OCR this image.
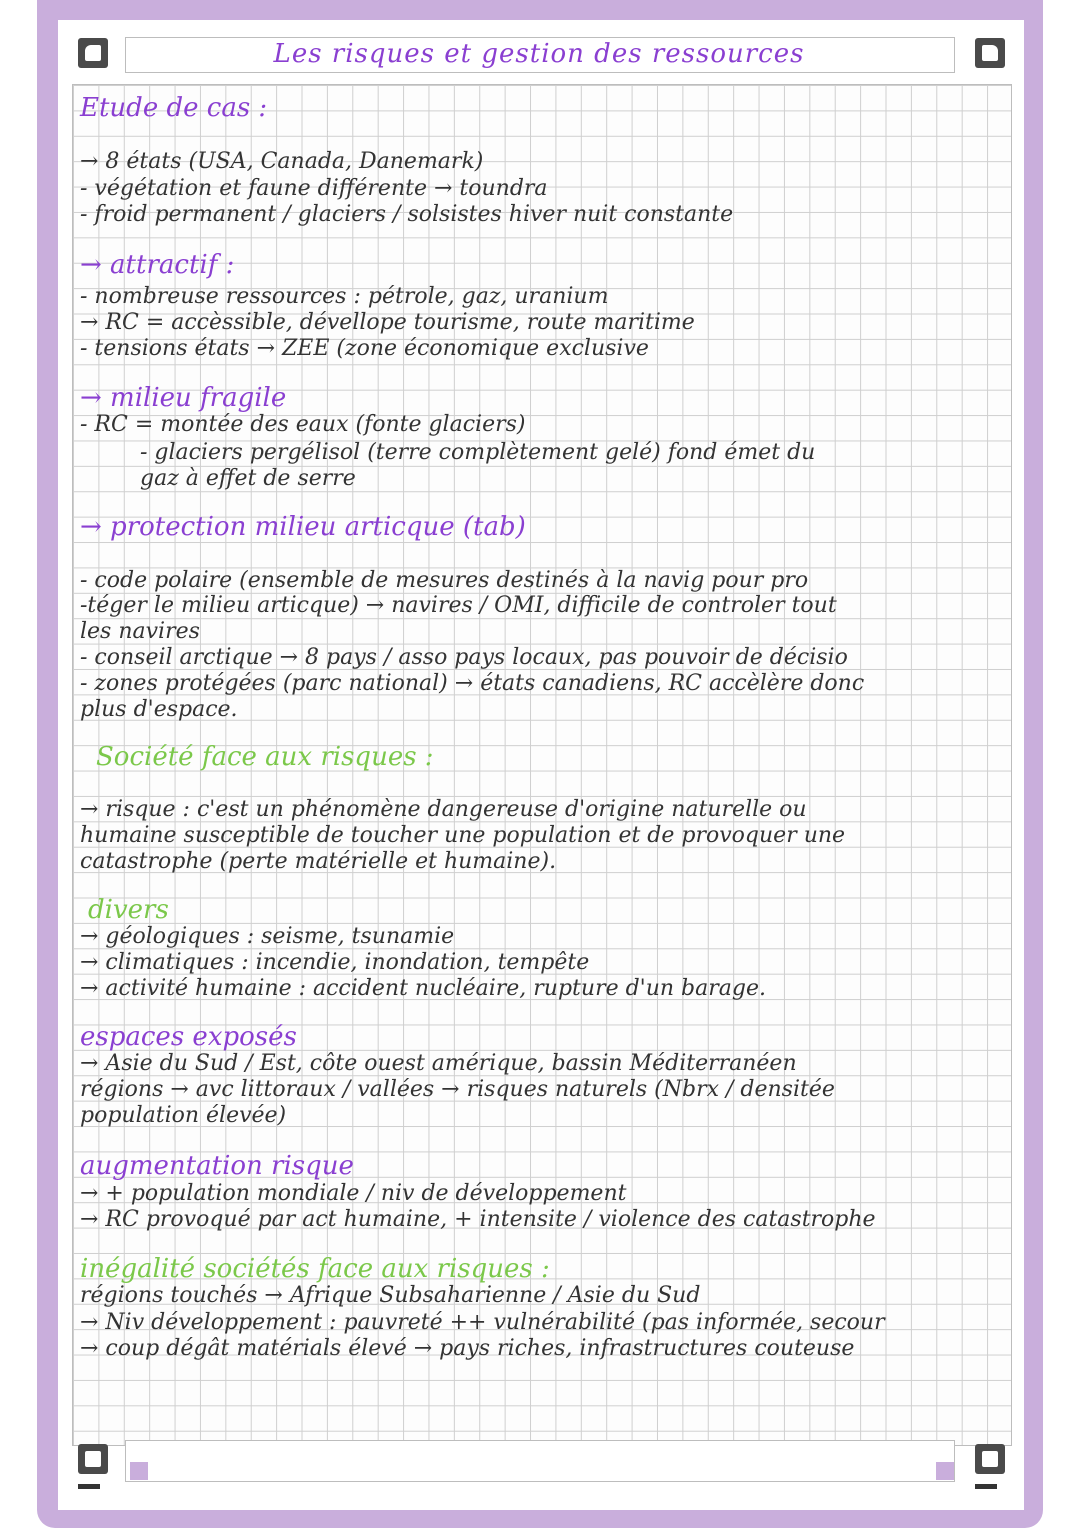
Les risques et gestion des ressources
Etude de cas :
→ 8 états (USA, Canada, Danemark)
- végétation et faune différente → toundra
- froid permanent / glaciers / solsistes hiver nuit constante
→ attractif :
- nombreuse ressources : pétrole, gaz, uranium
→ RC = accèssible, dévellope tourisme, route maritime
- tensions états → ZEE (zone économique exclusive
→ milieu fragile
- RC = montée des eaux (fonte glaciers)
- glaciers pergélisol (terre complètement gelé) fond émet du
gaz à effet de serre
→ protection milieu articque (tab)
- code polaire (ensemble de mesures destinés à la navig pour pro
-téger le milieu articque) → navires / OMI, difficile de controler tout
les navires
- conseil arctique → 8 pays / asso pays locaux, pas pouvoir de décisio
- zones protégées (parc national) → états canadiens, RC accèlère donc
plus d'espace.
Société face aux risques :
→ risque : c'est un phénomène dangereuse d'origine naturelle ou
humaine susceptible de toucher une population et de provoquer une
catastrophe (perte matérielle et humaine).
divers
→ géologiques : seisme, tsunamie
→ climatiques : incendie, inondation, tempête
→ activité humaine : accident nucléaire, rupture d'un barage.
espaces exposés
→ Asie du Sud / Est, côte ouest amérique, bassin Méditerranéen
régions → avc littoraux / vallées → risques naturels (Nbrx / densitée
population élevée)
augmentation risque
→ + population mondiale / niv de développement
→ RC provoqué par act humaine, + intensite / violence des catastrophe
inégalité sociétés face aux risques :
régions touchés → Afrique Subsaharienne / Asie du Sud
→ Niv développement : pauvreté ++ vulnérabilité (pas informée, secour
→ coup dégât matérials élevé → pays riches, infrastructures couteuse
